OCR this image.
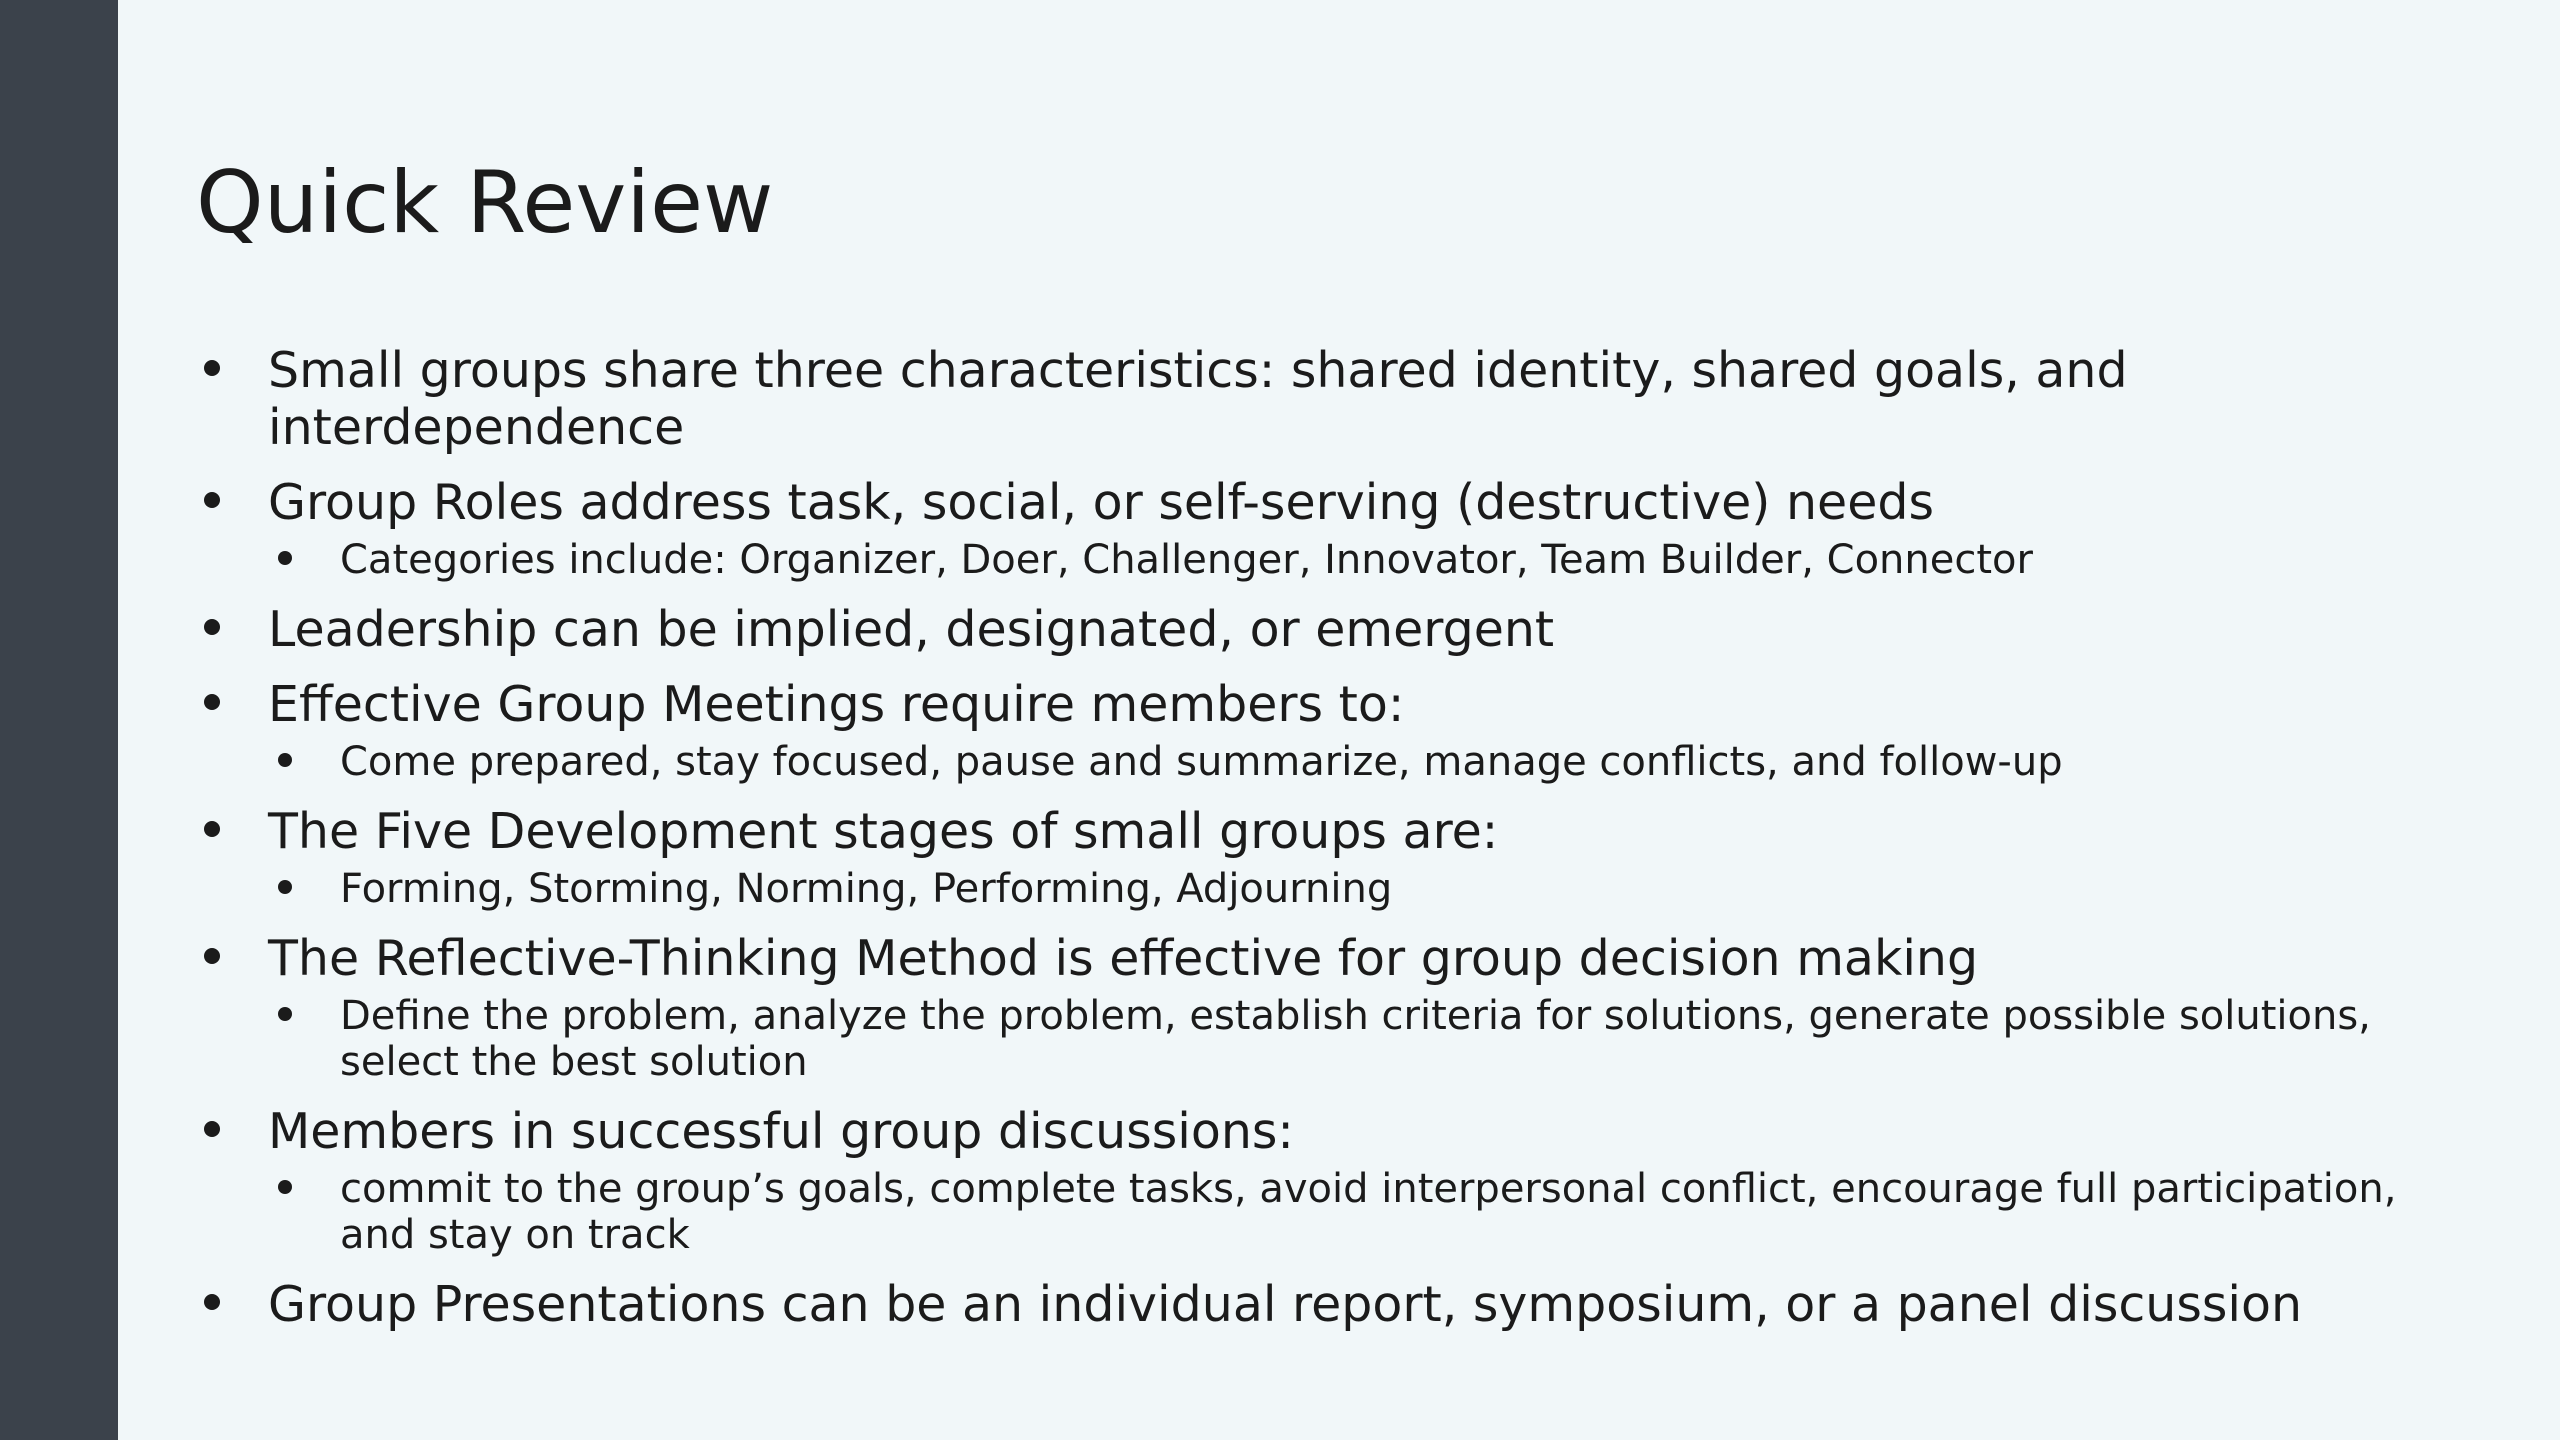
Quick Review
Small groups share three characteristics: shared identity, shared goals, and
interdependence
Group Roles address task, social, or self-serving (destructive) needs
Categories include: Organizer, Doer, Challenger, Innovator, Team Builder, Connector
Leadership can be implied, designated, or emergent
Effective Group Meetings require members to:
Come prepared, stay focused, pause and summarize, manage conflicts, and follow-up
The Five Development stages of small groups are:
Forming, Storming, Norming, Performing, Adjourning
The Reflective-Thinking Method is effective for group decision making
Define the problem, analyze the problem, establish criteria for solutions, generate possible solutions,
select the best solution
Members in successful group discussions:
commit to the group’s goals, complete tasks, avoid interpersonal conflict, encourage full participation,
and stay on track
Group Presentations can be an individual report, symposium, or a panel discussion
